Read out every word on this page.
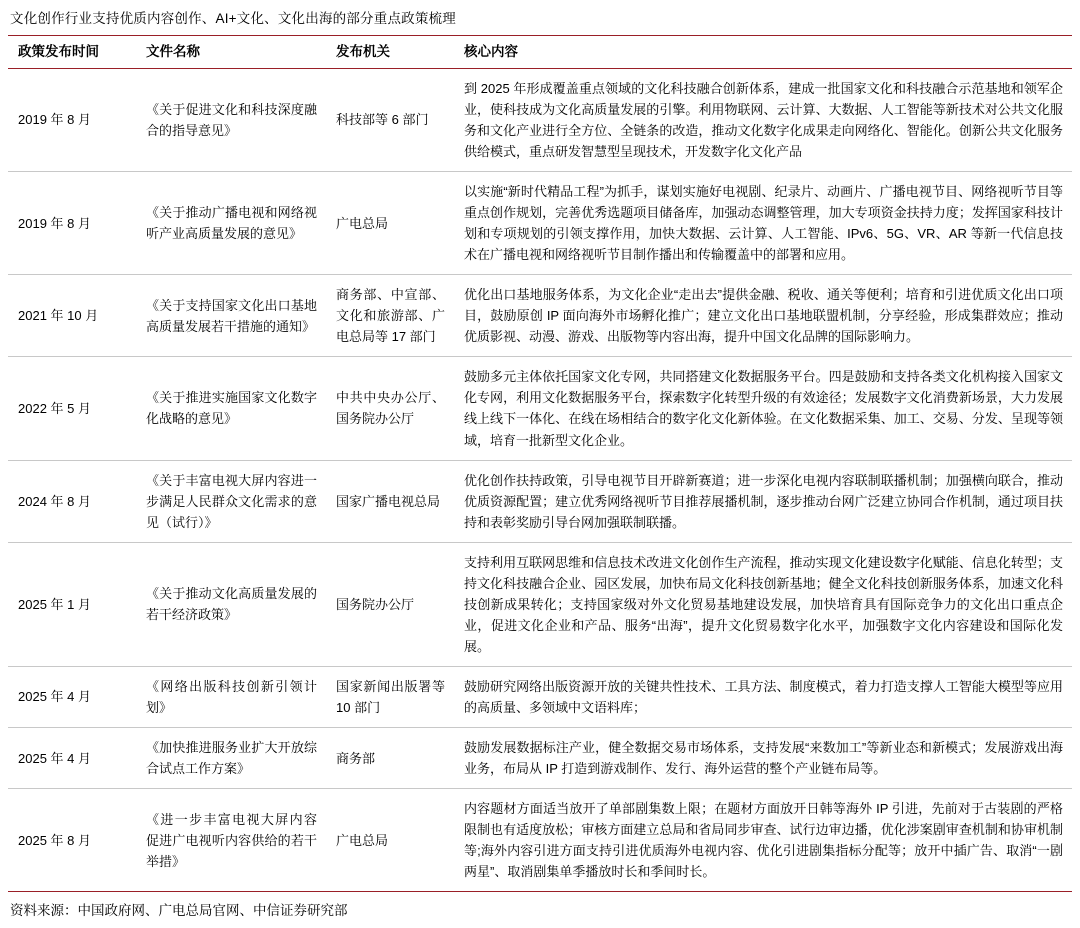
文化创作行业支持优质内容创作、AI+文化、文化出海的部分重点政策梳理
政策发布时间	文件名称	发布机关	核心内容
2019 年 8 月	《关于促进文化和科技深度融合的指导意见》	科技部等 6 部门	到 2025 年形成覆盖重点领域的文化科技融合创新体系，建成一批国家文化和科技融合示范基地和领军企业，使科技成为文化高质量发展的引擎。利用物联网、云计算、大数据、人工智能等新技术对公共文化服务和文化产业进行全方位、全链条的改造，推动文化数字化成果走向网络化、智能化。创新公共文化服务供给模式，重点研发智慧型呈现技术，开发数字化文化产品
2019 年 8 月	《关于推动广播电视和网络视听产业高质量发展的意见》	广电总局	以实施“新时代精品工程”为抓手，谋划实施好电视剧、纪录片、动画片、广播电视节目、网络视听节目等重点创作规划，完善优秀选题项目储备库，加强动态调整管理，加大专项资金扶持力度；发挥国家科技计划和专项规划的引领支撑作用，加快大数据、云计算、人工智能、IPv6、5G、VR、AR 等新一代信息技术在广播电视和网络视听节目制作播出和传输覆盖中的部署和应用。
2021 年 10 月	《关于支持国家文化出口基地高质量发展若干措施的通知》	商务部、中宣部、文化和旅游部、广电总局等 17 部门	优化出口基地服务体系，为文化企业“走出去”提供金融、税收、通关等便利；培育和引进优质文化出口项目，鼓励原创 IP 面向海外市场孵化推广；建立文化出口基地联盟机制，分享经验，形成集群效应；推动优质影视、动漫、游戏、出版物等内容出海，提升中国文化品牌的国际影响力。
2022 年 5 月	《关于推进实施国家文化数字化战略的意见》	中共中央办公厅、国务院办公厅	鼓励多元主体依托国家文化专网，共同搭建文化数据服务平台。四是鼓励和支持各类文化机构接入国家文化专网，利用文化数据服务平台，探索数字化转型升级的有效途径；发展数字文化消费新场景，大力发展线上线下一体化、在线在场相结合的数字化文化新体验。在文化数据采集、加工、交易、分发、呈现等领域，培育一批新型文化企业。
2024 年 8 月	《关于丰富电视大屏内容进一步满足人民群众文化需求的意见（试行）》	国家广播电视总局	优化创作扶持政策，引导电视节目开辟新赛道；进一步深化电视内容联制联播机制；加强横向联合，推动优质资源配置；建立优秀网络视听节目推荐展播机制，逐步推动台网广泛建立协同合作机制，通过项目扶持和表彰奖励引导台网加强联制联播。
2025 年 1 月	《关于推动文化高质量发展的若干经济政策》	国务院办公厅	支持利用互联网思维和信息技术改进文化创作生产流程，推动实现文化建设数字化赋能、信息化转型；支持文化科技融合企业、园区发展，加快布局文化科技创新基地；健全文化科技创新服务体系，加速文化科技创新成果转化；支持国家级对外文化贸易基地建设发展，加快培育具有国际竞争力的文化出口重点企业，促进文化企业和产品、服务“出海”，提升文化贸易数字化水平，加强数字文化内容建设和国际化发展。
2025 年 4 月	《网络出版科技创新引领计划》	国家新闻出版署等 10 部门	鼓励研究网络出版资源开放的关键共性技术、工具方法、制度模式，着力打造支撑人工智能大模型等应用的高质量、多领域中文语料库；
2025 年 4 月	《加快推进服务业扩大开放综合试点工作方案》	商务部	鼓励发展数据标注产业，健全数据交易市场体系，支持发展“来数加工”等新业态和新模式；发展游戏出海业务，布局从 IP 打造到游戏制作、发行、海外运营的整个产业链布局等。
2025 年 8 月	《进一步丰富电视大屏内容 促进广电视听内容供给的若干举措》	广电总局	内容题材方面适当放开了单部剧集数上限；在题材方面放开日韩等海外 IP 引进，先前对于古装剧的严格限制也有适度放松；审核方面建立总局和省局同步审查、试行边审边播，优化涉案剧审查机制和协审机制等;海外内容引进方面支持引进优质海外电视内容、优化引进剧集指标分配等；放开中插广告、取消“一剧两星”、取消剧集单季播放时长和季间时长。
资料来源：中国政府网、广电总局官网、中信证券研究部
